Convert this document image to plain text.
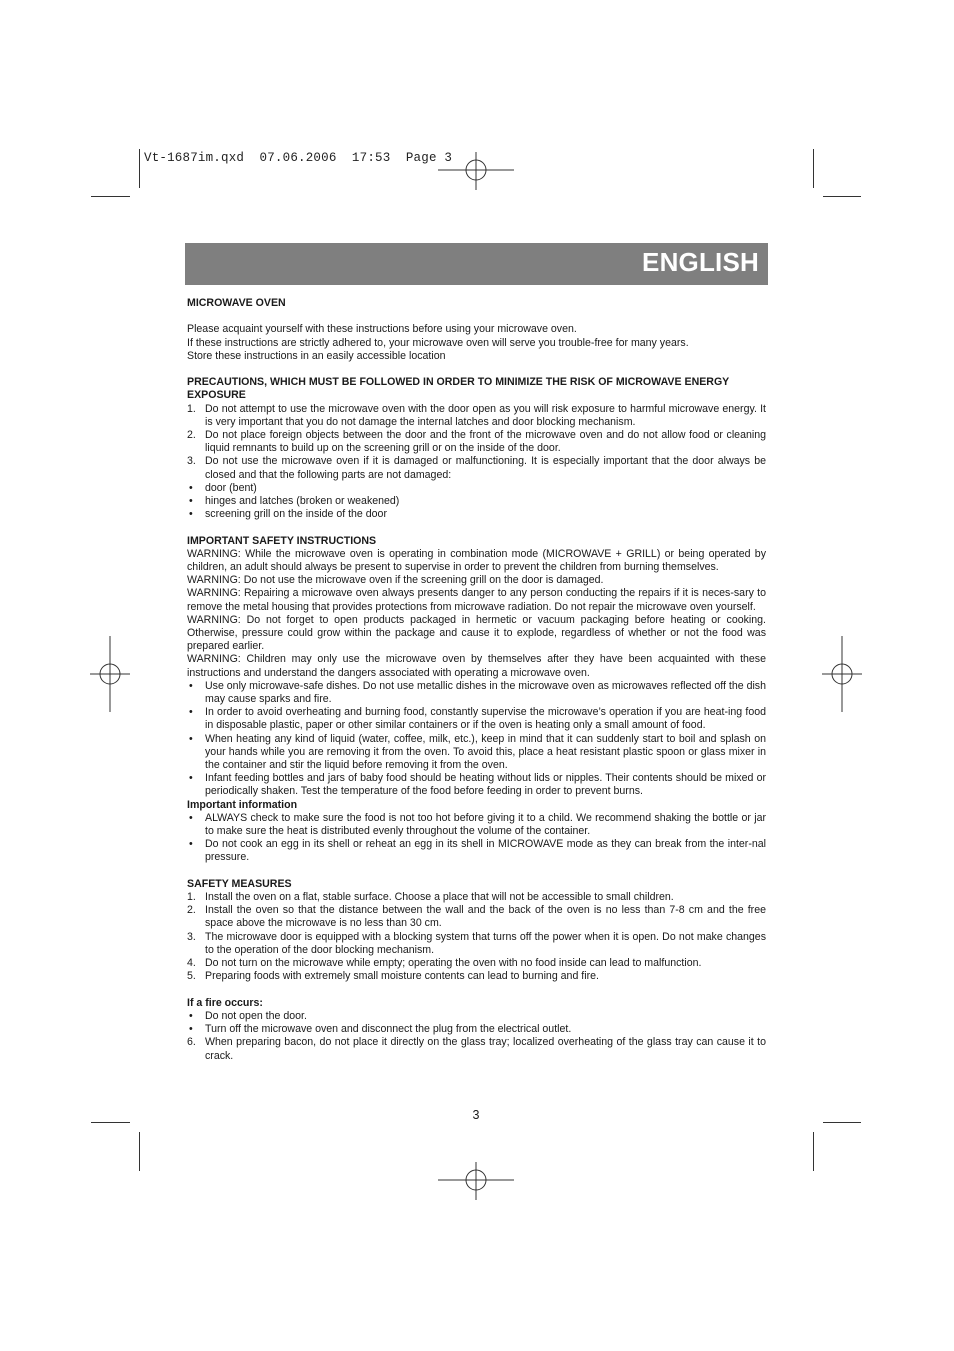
Vt-1687im.qxd  07.06.2006  17:53  Page 3
ENGLISH

MICROWAVE OVEN

Please acquaint yourself with these instructions before using your microwave oven.

If these instructions are strictly adhered to, your microwave oven will serve you trouble-free for many years.

Store these instructions in an easily accessible location

PRECAUTIONS, WHICH MUST BE FOLLOWED IN ORDER TO MINIMIZE THE RISK OF MICROWAVE ENERGY EXPOSURE

1. Do not attempt to use the microwave oven with the door open as you will risk exposure to harmful microwave energy. It is very important that you do not damage the internal latches and door blocking mechanism.
2. Do not place foreign objects between the door and the front of the microwave oven and do not allow food or cleaning liquid remnants to build up on the screening grill or on the inside of the door.
3. Do not use the microwave oven if it is damaged or malfunctioning. It is especially important that the door always be closed and that the following parts are not damaged:
•	door (bent)
•	hinges and latches (broken or weakened)
•	screening grill on the inside of the door

IMPORTANT SAFETY INSTRUCTIONS

WARNING: While the microwave oven is operating in combination mode (MICROWAVE + GRILL) or being operated by children, an adult should always be present to supervise in order to prevent the children from burning themselves.

WARNING: Do not use the microwave oven if the screening grill on the door is damaged.

WARNING: Repairing a microwave oven always presents danger to any person conducting the repairs if it is neces-sary to remove the metal housing that provides protections from microwave radiation. Do not repair the microwave oven yourself.

WARNING: Do not forget to open products packaged in hermetic or vacuum packaging before heating or cooking. Otherwise, pressure could grow within the package and cause it to explode, regardless of whether or not the food was prepared earlier.

WARNING: Children may only use the microwave oven by themselves after they have been acquainted with these instructions and understand the dangers associated with operating a microwave oven.

•	Use only microwave-safe dishes. Do not use metallic dishes in the microwave oven as microwaves reflected off the dish may cause sparks and fire.
•	In order to avoid overheating and burning food, constantly supervise the microwave’s operation if you are heat-ing food in disposable plastic, paper or other similar containers or if the oven is heating only a small amount of food.
•	When heating any kind of liquid (water, coffee, milk, etc.), keep in mind that it can suddenly start to boil and splash on your hands while you are removing it from the oven. To avoid this, place a heat resistant plastic spoon or glass mixer in the container and stir the liquid before removing it from the oven.
•	Infant feeding bottles and jars of baby food should be heating without lids or nipples. Their contents should be mixed or periodically shaken. Test the temperature of the food before feeding in order to prevent burns.

Important information

•	ALWAYS check to make sure the food is not too hot before giving it to a child. We recommend shaking the bottle or jar to make sure the heat is distributed evenly throughout the volume of the container.
•	Do not cook an egg in its shell or reheat an egg in its shell in MICROWAVE mode as they can break from the inter-nal pressure.

SAFETY MEASURES

1. Install the oven on a flat, stable surface. Choose a place that will not be accessible to small children.
2. Install the oven so that the distance between the wall and the back of the oven is no less than 7-8 cm and the free space above the microwave is no less than 30 cm.
3. The microwave door is equipped with a blocking system that turns off the power when it is open. Do not make changes to the operation of the door blocking mechanism.
4. Do not turn on the microwave while empty; operating the oven with no food inside can lead to malfunction.
5. Preparing foods with extremely small moisture contents can lead to burning and fire.

If a fire occurs:

•	Do not open the door.
•	Turn off the microwave oven and disconnect the plug from the electrical outlet.
6. When preparing bacon, do not place it directly on the glass tray; localized overheating of the glass tray can cause it to crack.
3
